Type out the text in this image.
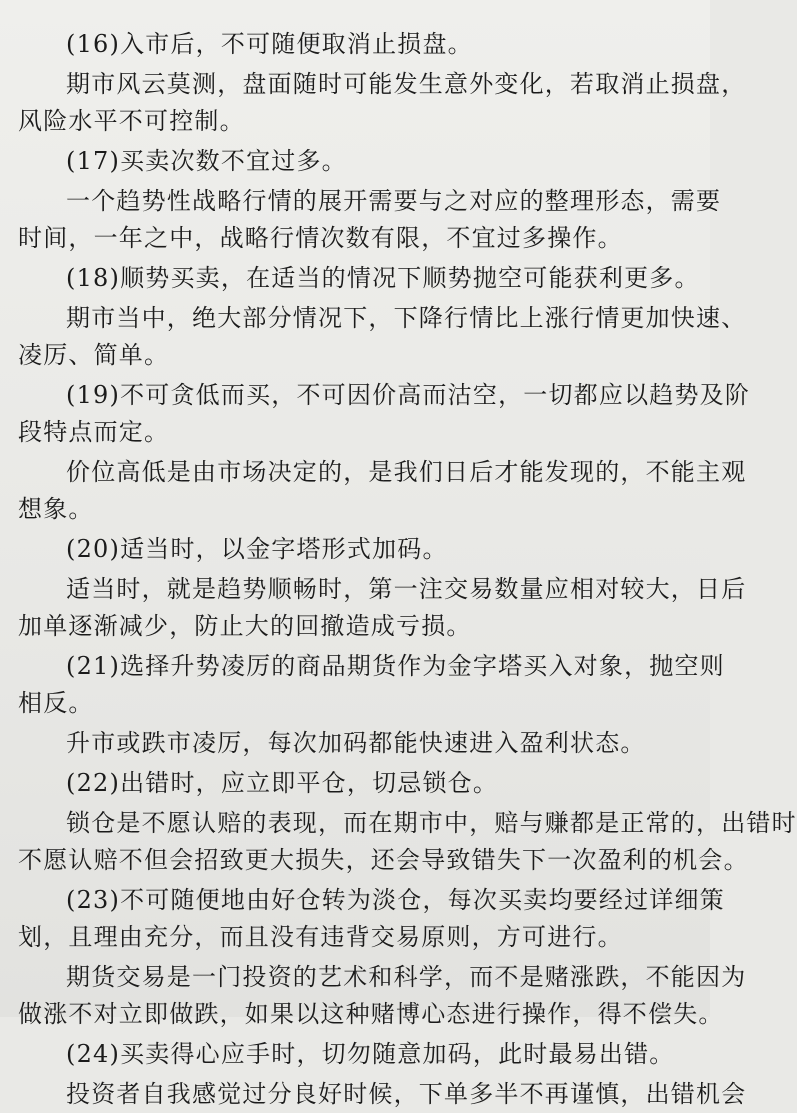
(16)入市后，不可随便取消止损盘。

期市风云莫测，盘面随时可能发生意外变化，若取消止损盘，

风险水平不可控制。

(17)买卖次数不宜过多。

一个趋势性战略行情的展开需要与之对应的整理形态，需要

时间，一年之中，战略行情次数有限，不宜过多操作。

(18)顺势买卖，在适当的情况下顺势抛空可能获利更多。

期市当中，绝大部分情况下，下降行情比上涨行情更加快速、

凌厉、简单。

(19)不可贪低而买，不可因价高而沽空，一切都应以趋势及阶

段特点而定。

价位高低是由市场决定的，是我们日后才能发现的，不能主观

想象。

(20)适当时，以金字塔形式加码。

适当时，就是趋势顺畅时，第一注交易数量应相对较大，日后

加单逐渐减少，防止大的回撤造成亏损。

(21)选择升势凌厉的商品期货作为金字塔买入对象，抛空则

相反。

升市或跌市凌厉，每次加码都能快速进入盈利状态。

(22)出错时，应立即平仓，切忌锁仓。

锁仓是不愿认赔的表现，而在期市中，赔与赚都是正常的，出错时

不愿认赔不但会招致更大损失，还会导致错失下一次盈利的机会。

(23)不可随便地由好仓转为淡仓，每次买卖均要经过详细策

划，且理由充分，而且没有违背交易原则，方可进行。

期货交易是一门投资的艺术和科学，而不是赌涨跌，不能因为

做涨不对立即做跌，如果以这种赌博心态进行操作，得不偿失。

(24)买卖得心应手时，切勿随意加码，此时最易出错。

投资者自我感觉过分良好时候，下单多半不再谨慎，出错机会
